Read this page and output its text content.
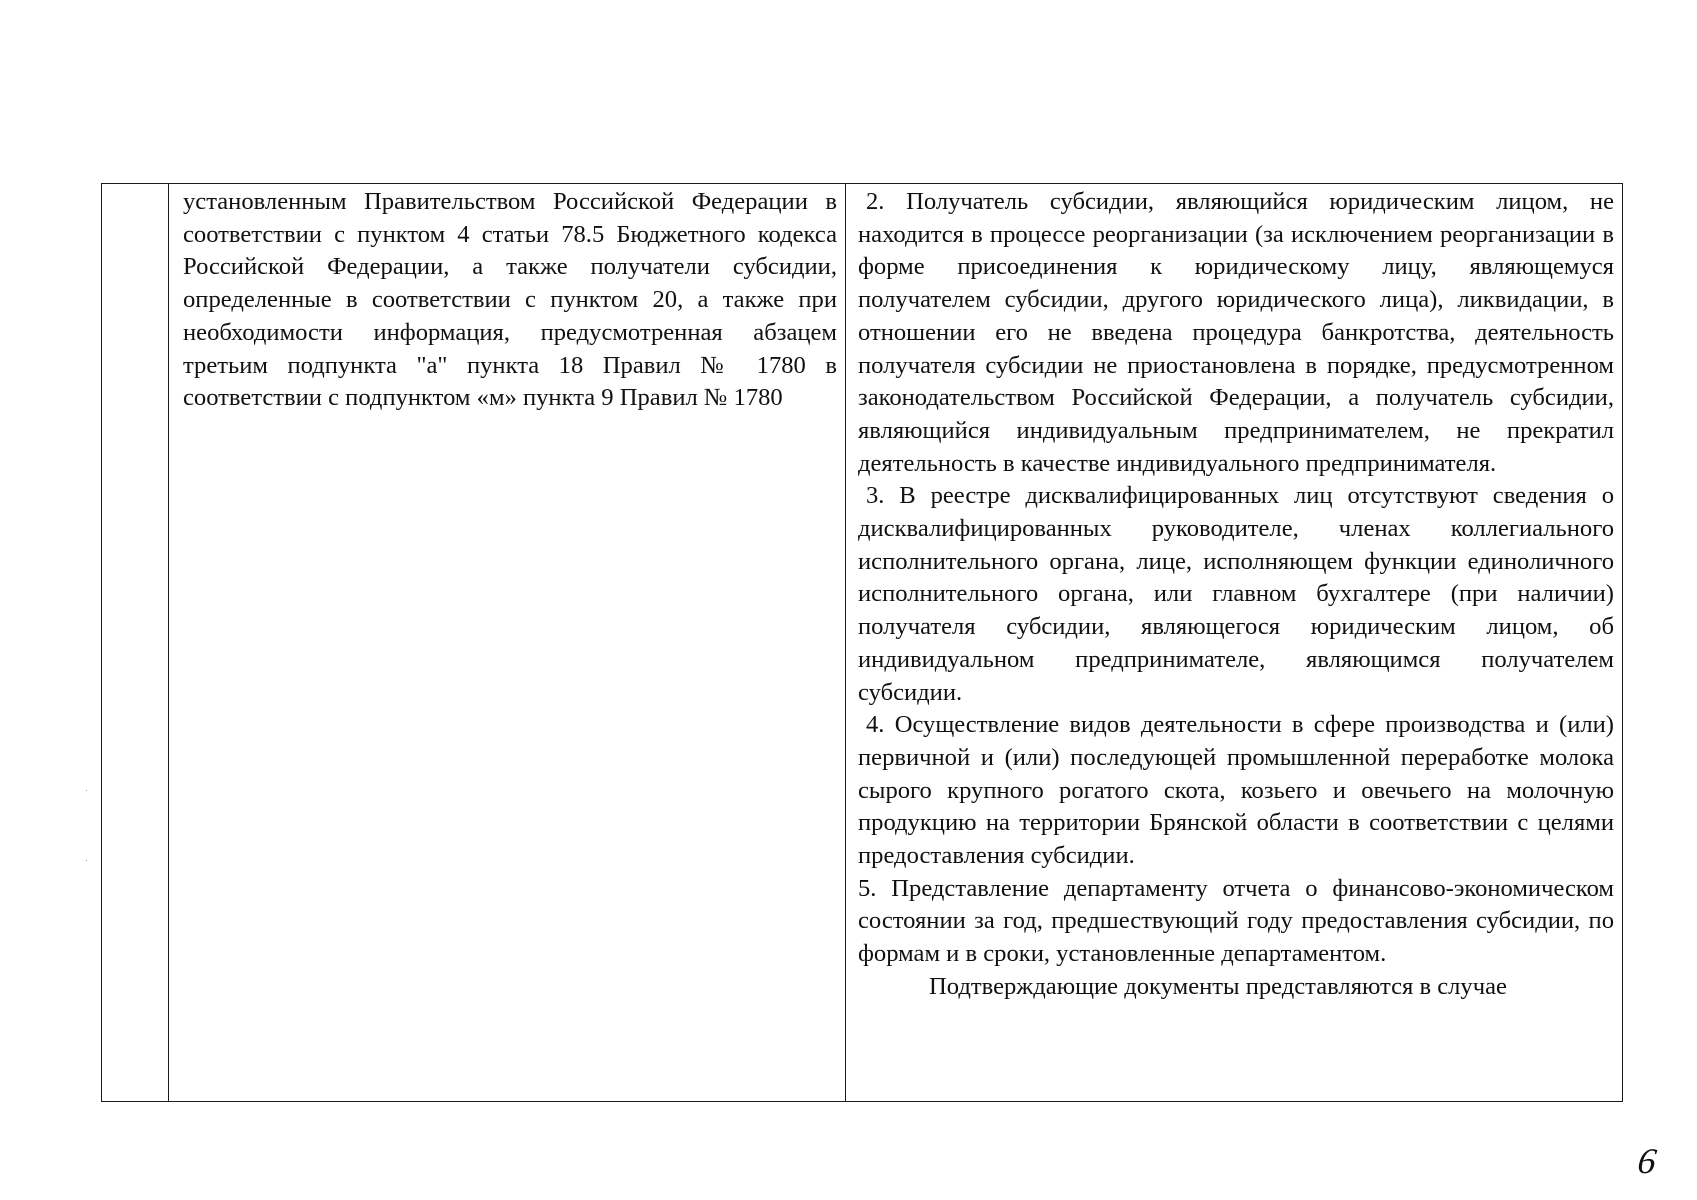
установленным Правительством Российской Федерации в соответствии с пунктом 4 статьи 78.5 Бюджетного кодекса Российской Федерации, а также получатели субсидии, определенные в соответствии с пунктом 20, а также при необходимости информация, предусмотренная абзацем третьим подпункта "а" пункта 18 Правил № 1780 в соответствии с подпунктом «м» пункта 9 Правил № 1780

2. Получатель субсидии, являющийся юридическим лицом, не находится в процессе реорганизации (за исключением реорганизации в форме присоединения к юридическому лицу, являющемуся получателем субсидии, другого юридического лица), ликвидации, в отношении его не введена процедура банкротства, деятельность получателя субсидии не приостановлена в порядке, предусмотренном законодательством Российской Федерации, а получатель субсидии, являющийся индивидуальным предпринимателем, не прекратил деятельность в качестве индивидуального предпринимателя.

3. В реестре дисквалифицированных лиц отсутствуют сведения о дисквалифицированных руководителе, членах коллегиального исполнительного органа, лице, исполняющем функции единоличного исполнительного органа, или главном бухгалтере (при наличии) получателя субсидии, являющегося юридическим лицом, об индивидуальном предпринимателе, являющимся получателем субсидии.

4. Осуществление видов деятельности в сфере производства и (или) первичной и (или) последующей промышленной переработке молока сырого крупного рогатого скота, козьего и овечьего на молочную продукцию на территории Брянской области в соответствии с целями предоставления субсидии.

5. Представление департаменту отчета о финансово-экономическом состоянии за год, предшествующий году предоставления субсидии, по формам и в сроки, установленные департаментом.

Подтверждающие документы представляются в случае

6
